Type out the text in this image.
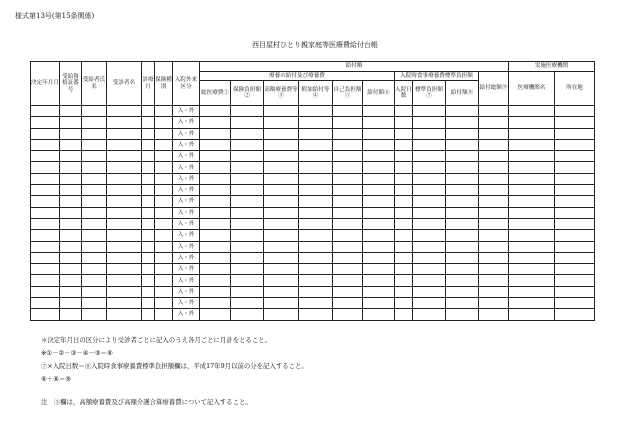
様式第13号(第15条関係)
西目屋村ひとり親家庭等医療費給付台帳
決定年月日	受給資格証番号	受給者氏名	受診者名	診療月	保険種別	入院外来区分	給付額										実施医療機関	
							療養の給付及び療養費						入院時食事療養費標準負担額			給付総額⑨	医療機関名	所在地
							総医療費①	保険負担額②	高額療養費等③	附加給付等④	自己負担額⑤	給付額⑥	入院日数	標準負担額⑦	給付額⑧			
						入・外												
						入・外												
						入・外												
						入・外												
						入・外												
						入・外												
						入・外												
						入・外												
						入・外												
						入・外												
						入・外												
						入・外												
						入・外												
						入・外												
						入・外												
						入・外												
						入・外												
						入・外												
						入・外												
＊決定年月日の区分により受診者ごとに記入のうえ各月ごとに月計をとること。
※①－②－③－④－⑤＝⑥
⑦×入院日数＝⑧入院時食事療養費標準負担額欄は，平成17年9月以前の分を記入すること。
⑥＋⑧＝⑨
注　③欄は，高額療養費及び高額介護合算療養費について記入すること。
